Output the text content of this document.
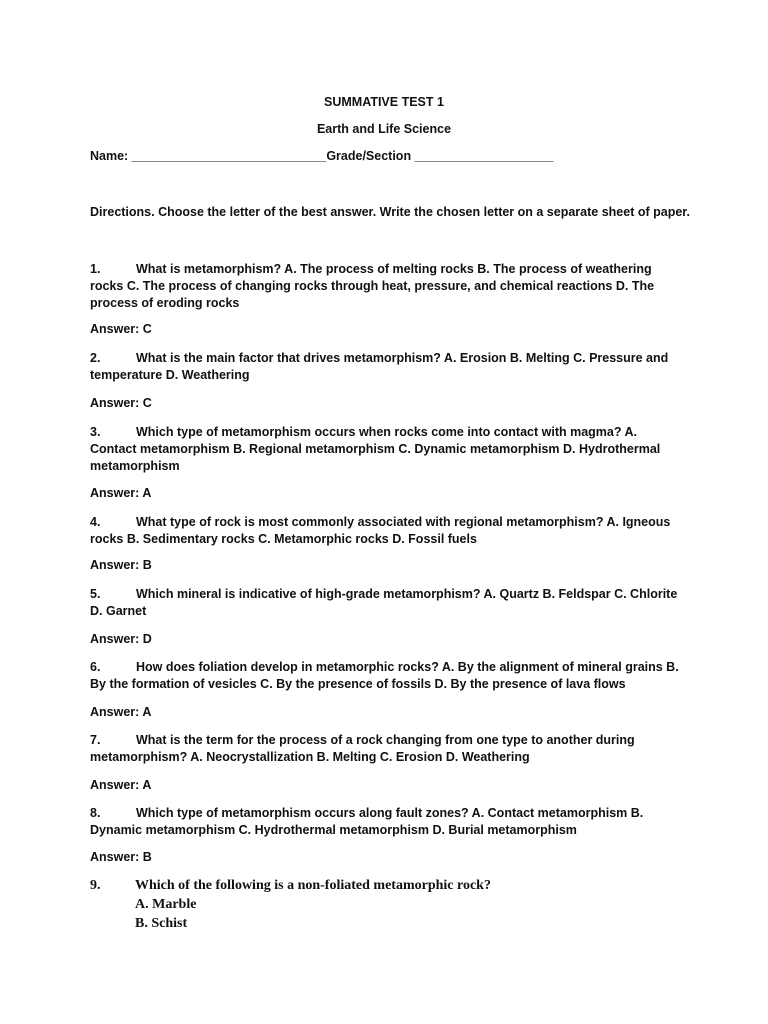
SUMMATIVE TEST 1
Earth and Life Science
Name: ____________________________Grade/Section ____________________
Directions. Choose the letter of the best answer. Write the chosen letter on a separate sheet of paper.
1.	What is metamorphism? A. The process of melting rocks B. The process of weathering rocks C. The process of changing rocks through heat, pressure, and chemical reactions D. The process of eroding rocks
Answer: C
2.	What is the main factor that drives metamorphism? A. Erosion B. Melting C. Pressure and temperature D. Weathering
Answer: C
3.	Which type of metamorphism occurs when rocks come into contact with magma? A. Contact metamorphism B. Regional metamorphism C. Dynamic metamorphism D. Hydrothermal metamorphism
Answer: A
4.	What type of rock is most commonly associated with regional metamorphism? A. Igneous rocks B. Sedimentary rocks C. Metamorphic rocks D. Fossil fuels
Answer: B
5.	Which mineral is indicative of high-grade metamorphism? A. Quartz B. Feldspar C. Chlorite D. Garnet
Answer: D
6.	How does foliation develop in metamorphic rocks? A. By the alignment of mineral grains B. By the formation of vesicles C. By the presence of fossils D. By the presence of lava flows
Answer: A
7.	What is the term for the process of a rock changing from one type to another during metamorphism? A. Neocrystallization B. Melting C. Erosion D. Weathering
Answer: A
8.	Which type of metamorphism occurs along fault zones? A. Contact metamorphism B. Dynamic metamorphism C. Hydrothermal metamorphism D. Burial metamorphism
Answer: B
9. Which of the following is a non-foliated metamorphic rock?
A. Marble
B. Schist
